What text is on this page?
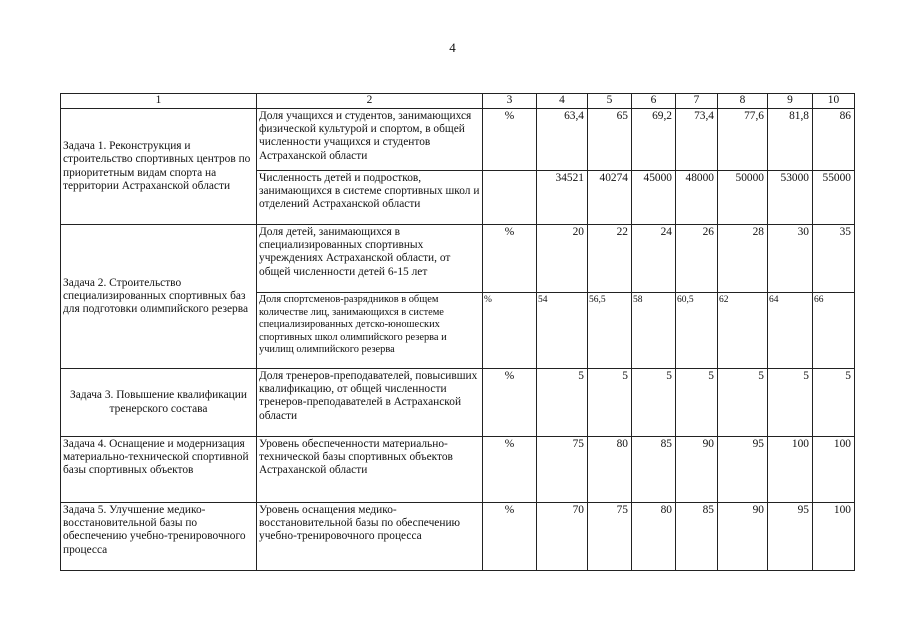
4
1	2	3	4	5	6	7	8	9	10
Задача 1. Реконструкция и строительство спортивных центров по приоритетным видам спорта на территории Астраханской области	Доля учащихся и студентов, занимающихся физической культурой и спортом, в общей численности учащихся и студентов Астраханской области	%	63,4	65	69,2	73,4	77,6	81,8	86
	Численность детей и подростков, занимающихся в системе спортивных школ и отделений Астраханской области		34521	40274	45000	48000	50000	53000	55000
Задача 2. Строительство специализированных спортивных баз для подготовки олимпийского резерва	Доля детей, занимающихся в специализированных спортивных учреждениях Астраханской области, от общей численности детей 6-15 лет	%	20	22	24	26	28	30	35
	Доля спортсменов-разрядников в общем количестве лиц, занимающихся в системе специализированных детско-юношеских спортивных школ олимпийского резерва и училищ олимпийского резерва	%	54	56,5	58	60,5	62	64	66
Задача 3. Повышение квалификации тренерского состава	Доля тренеров-преподавателей, повысивших квалификацию, от общей численности тренеров-преподавателей в Астраханской области	%	5	5	5	5	5	5	5
Задача 4. Оснащение и модернизация материально-технической спортивной базы спортивных объектов	Уровень обеспеченности материально-технической базы спортивных объектов Астраханской области	%	75	80	85	90	95	100	100
Задача 5. Улучшение медико-восстановительной базы по обеспечению учебно-тренировочного процесса	Уровень оснащения медико-восстановительной базы по обеспечению учебно-тренировочного процесса	%	70	75	80	85	90	95	100
